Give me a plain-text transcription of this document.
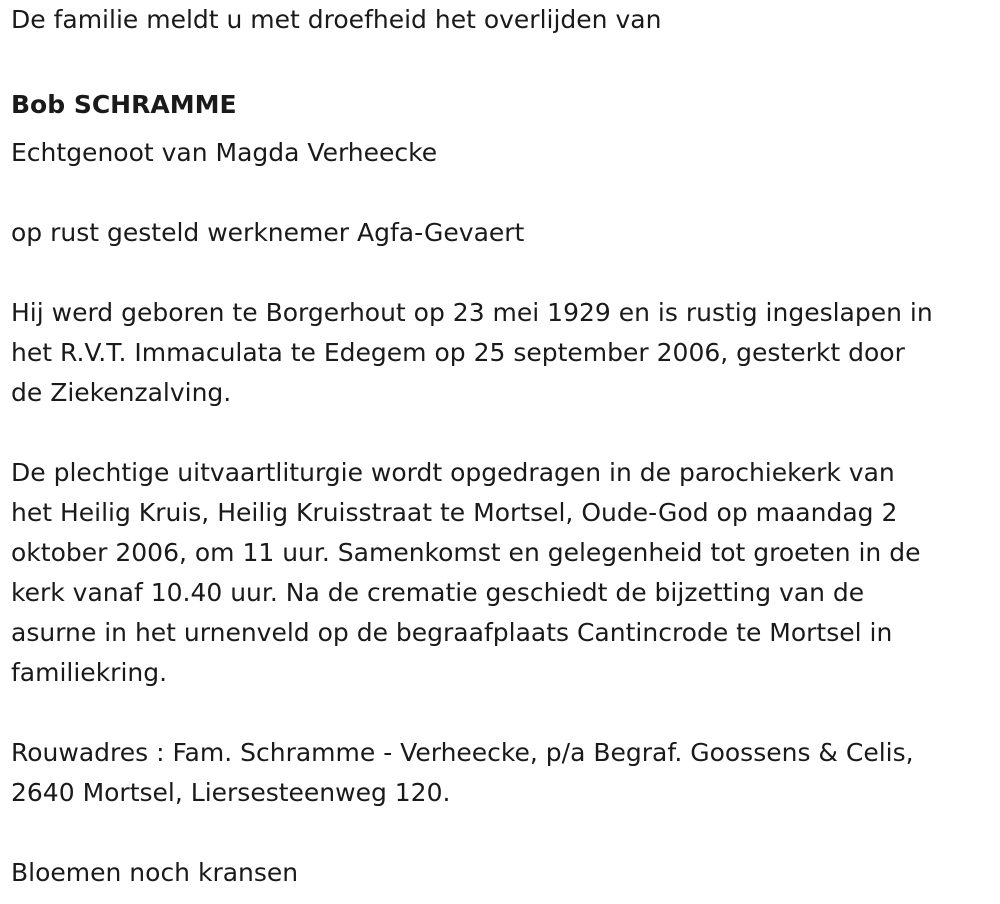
De familie meldt u met droefheid het overlijden van

Bob SCHRAMME

Echtgenoot van Magda Verheecke

op rust gesteld werknemer Agfa-Gevaert

Hij werd geboren te Borgerhout op 23 mei 1929 en is rustig ingeslapen in
het R.V.T. Immaculata te Edegem op 25 september 2006, gesterkt door
de Ziekenzalving.

De plechtige uitvaartliturgie wordt opgedragen in de parochiekerk van
het Heilig Kruis, Heilig Kruisstraat te Mortsel, Oude-God op maandag 2
oktober 2006, om 11 uur. Samenkomst en gelegenheid tot groeten in de
kerk vanaf 10.40 uur. Na de crematie geschiedt de bijzetting van de
asurne in het urnenveld op de begraafplaats Cantincrode te Mortsel in
familiekring.

Rouwadres : Fam. Schramme - Verheecke, p/a Begraf. Goossens & Celis,
2640 Mortsel, Liersesteenweg 120.

Bloemen noch kransen
